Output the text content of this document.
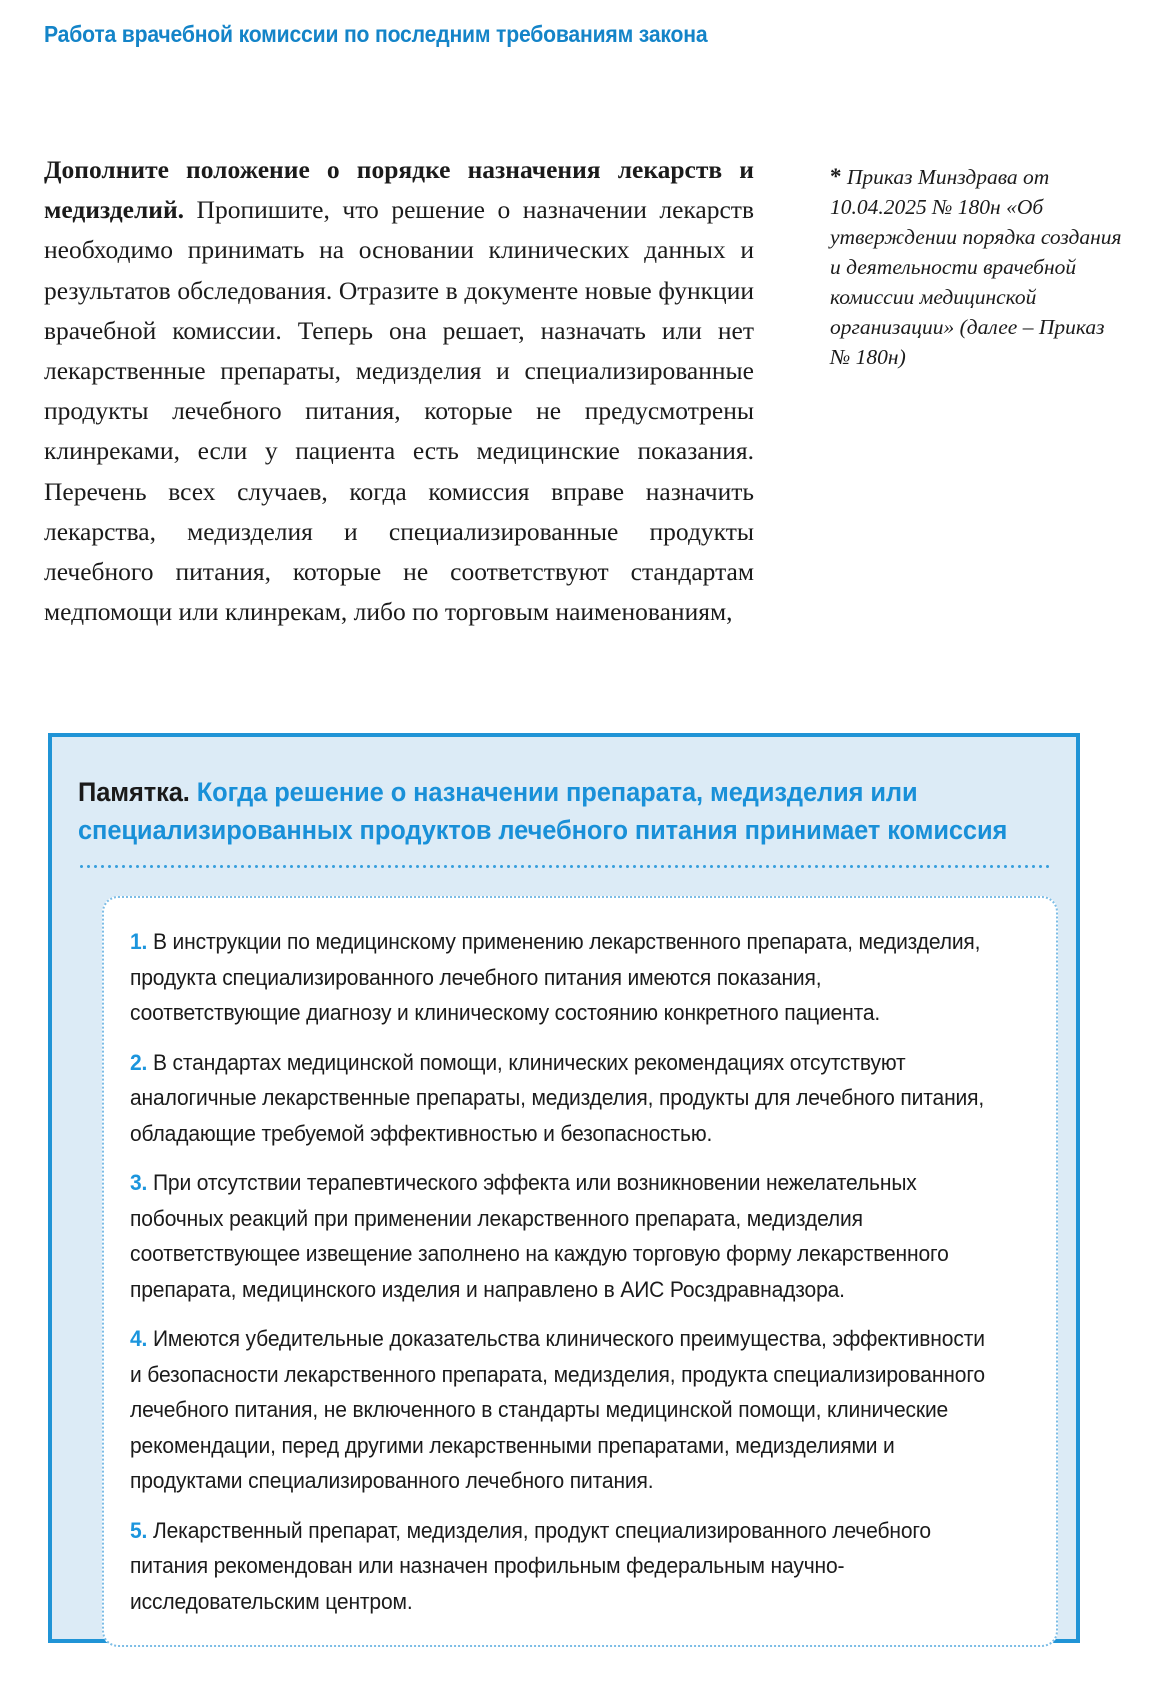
Работа врачебной комиссии по последним требованиям закона

Дополните положение о порядке назначения лекарств и медизделий. Пропишите, что решение о назначении лекарств необходимо принимать на основании клинических данных и результатов обследования. Отразите в документе новые функции врачебной комиссии. Теперь она решает, назначать или нет лекарственные препараты, медизделия и специализированные продукты лечебного питания, которые не предусмотрены клинреками, если у пациента есть медицинские показания. Перечень всех случаев, когда комиссия вправе назначить лекарства, медизделия и специализированные продукты лечебного питания, которые не соответствуют стандартам медпомощи или клинрекам, либо по торговым наименованиям,

* Приказ Минздрава от 10.04.2025 № 180н «Об утверждении порядка создания и деятельности врачебной комиссии медицинской организации» (далее – Приказ № 180н)

Памятка. Когда решение о назначении препарата, медизделия или специализированных продуктов лечебного питания принимает комиссия

1. В инструкции по медицинскому применению лекарственного препарата, медизделия, продукта специализированного лечебного питания имеются показания, соответствующие диагнозу и клиническому состоянию конкретного пациента.

2. В стандартах медицинской помощи, клинических рекомендациях отсутствуют аналогичные лекарственные препараты, медизделия, продукты для лечебного питания, обладающие требуемой эффективностью и безопасностью.

3. При отсутствии терапевтического эффекта или возникновении нежелательных побочных реакций при применении лекарственного препарата, медизделия соответствующее извещение заполнено на каждую торговую форму лекарственного препарата, медицинского изделия и направлено в АИС Росздравнадзора.

4. Имеются убедительные доказательства клинического преимущества, эффективности и безопасности лекарственного препарата, медизделия, продукта специализированного лечебного питания, не включенного в стандарты медицинской помощи, клинические рекомендации, перед другими лекарственными препаратами, медизделиями и продуктами специализированного лечебного питания.

5. Лекарственный препарат, медизделия, продукт специализированного лечебного питания рекомендован или назначен профильным федеральным научно-исследовательским центром.
